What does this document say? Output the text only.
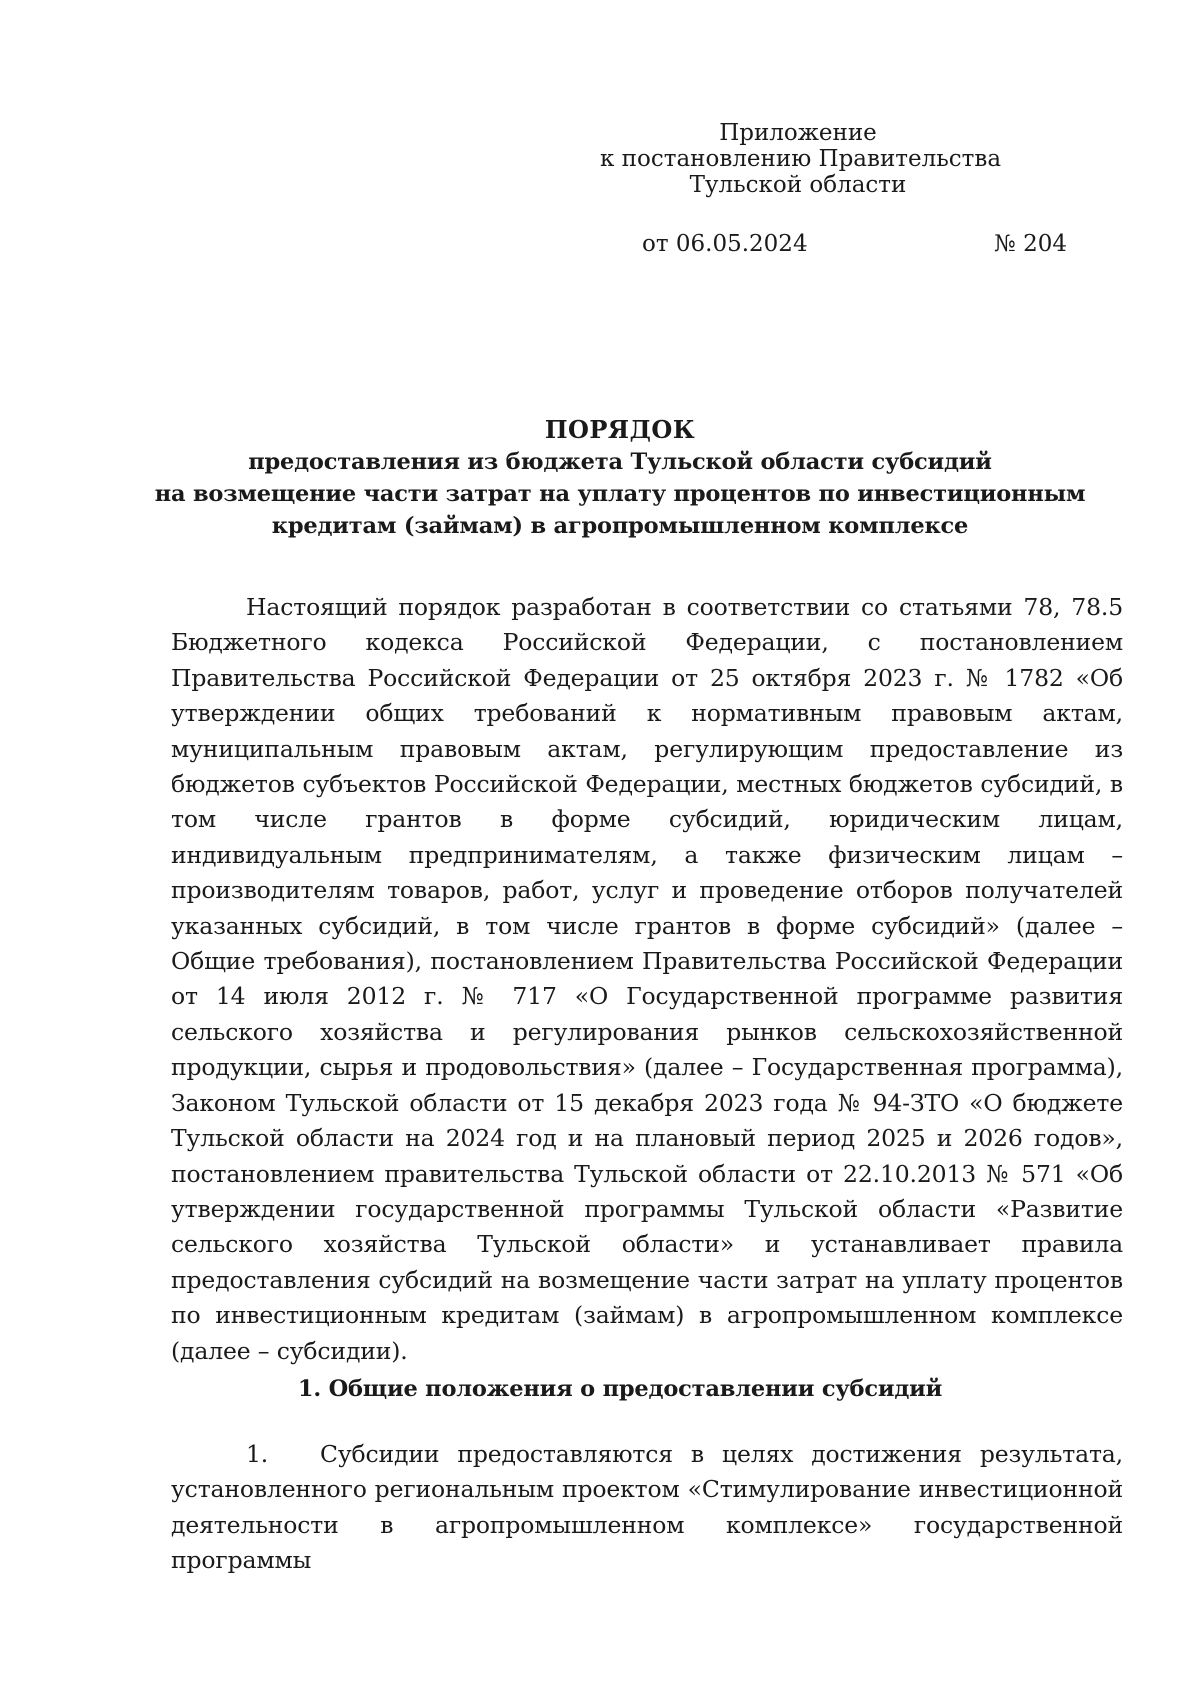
Приложение
к постановлению Правительства
Тульской области
от 06.05.2024	№ 204
ПОРЯДОК
предоставления из бюджета Тульской области субсидий
на возмещение части затрат на уплату процентов по инвестиционным
кредитам (займам) в агропромышленном комплексе
Настоящий порядок разработан в соответствии со статьями 78, 78.5 Бюджетного кодекса Российской Федерации, с постановлением Правительства Российской Федерации от 25 октября 2023 г. № 1782 «Об утверждении общих требований к нормативным правовым актам, муниципальным правовым актам, регулирующим предоставление из бюджетов субъектов Российской Федерации, местных бюджетов субсидий, в том числе грантов в форме субсидий, юридическим лицам, индивидуальным предпринимателям, а также физическим лицам – производителям товаров, работ, услуг и проведение отборов получателей указанных субсидий, в том числе грантов в форме субсидий» (далее – Общие требования), постановлением Правительства Российской Федерации от 14 июля 2012 г. № 717 «О Государственной программе развития сельского хозяйства и регулирования рынков сельскохозяйственной продукции, сырья и продовольствия» (далее – Государственная программа), Законом Тульской области от 15 декабря 2023 года № 94-ЗТО «О бюджете Тульской области на 2024 год и на плановый период 2025 и 2026 годов», постановлением правительства Тульской области от 22.10.2013 № 571 «Об утверждении государственной программы Тульской области «Развитие сельского хозяйства Тульской области» и устанавливает правила предоставления субсидий на возмещение части затрат на уплату процентов по инвестиционным кредитам (займам) в агропромышленном комплексе (далее – субсидии).
1. Общие положения о предоставлении субсидий
1. Субсидии предоставляются в целях достижения результата, установленного региональным проектом «Стимулирование инвестиционной деятельности в агропромышленном комплексе» государственной программы
